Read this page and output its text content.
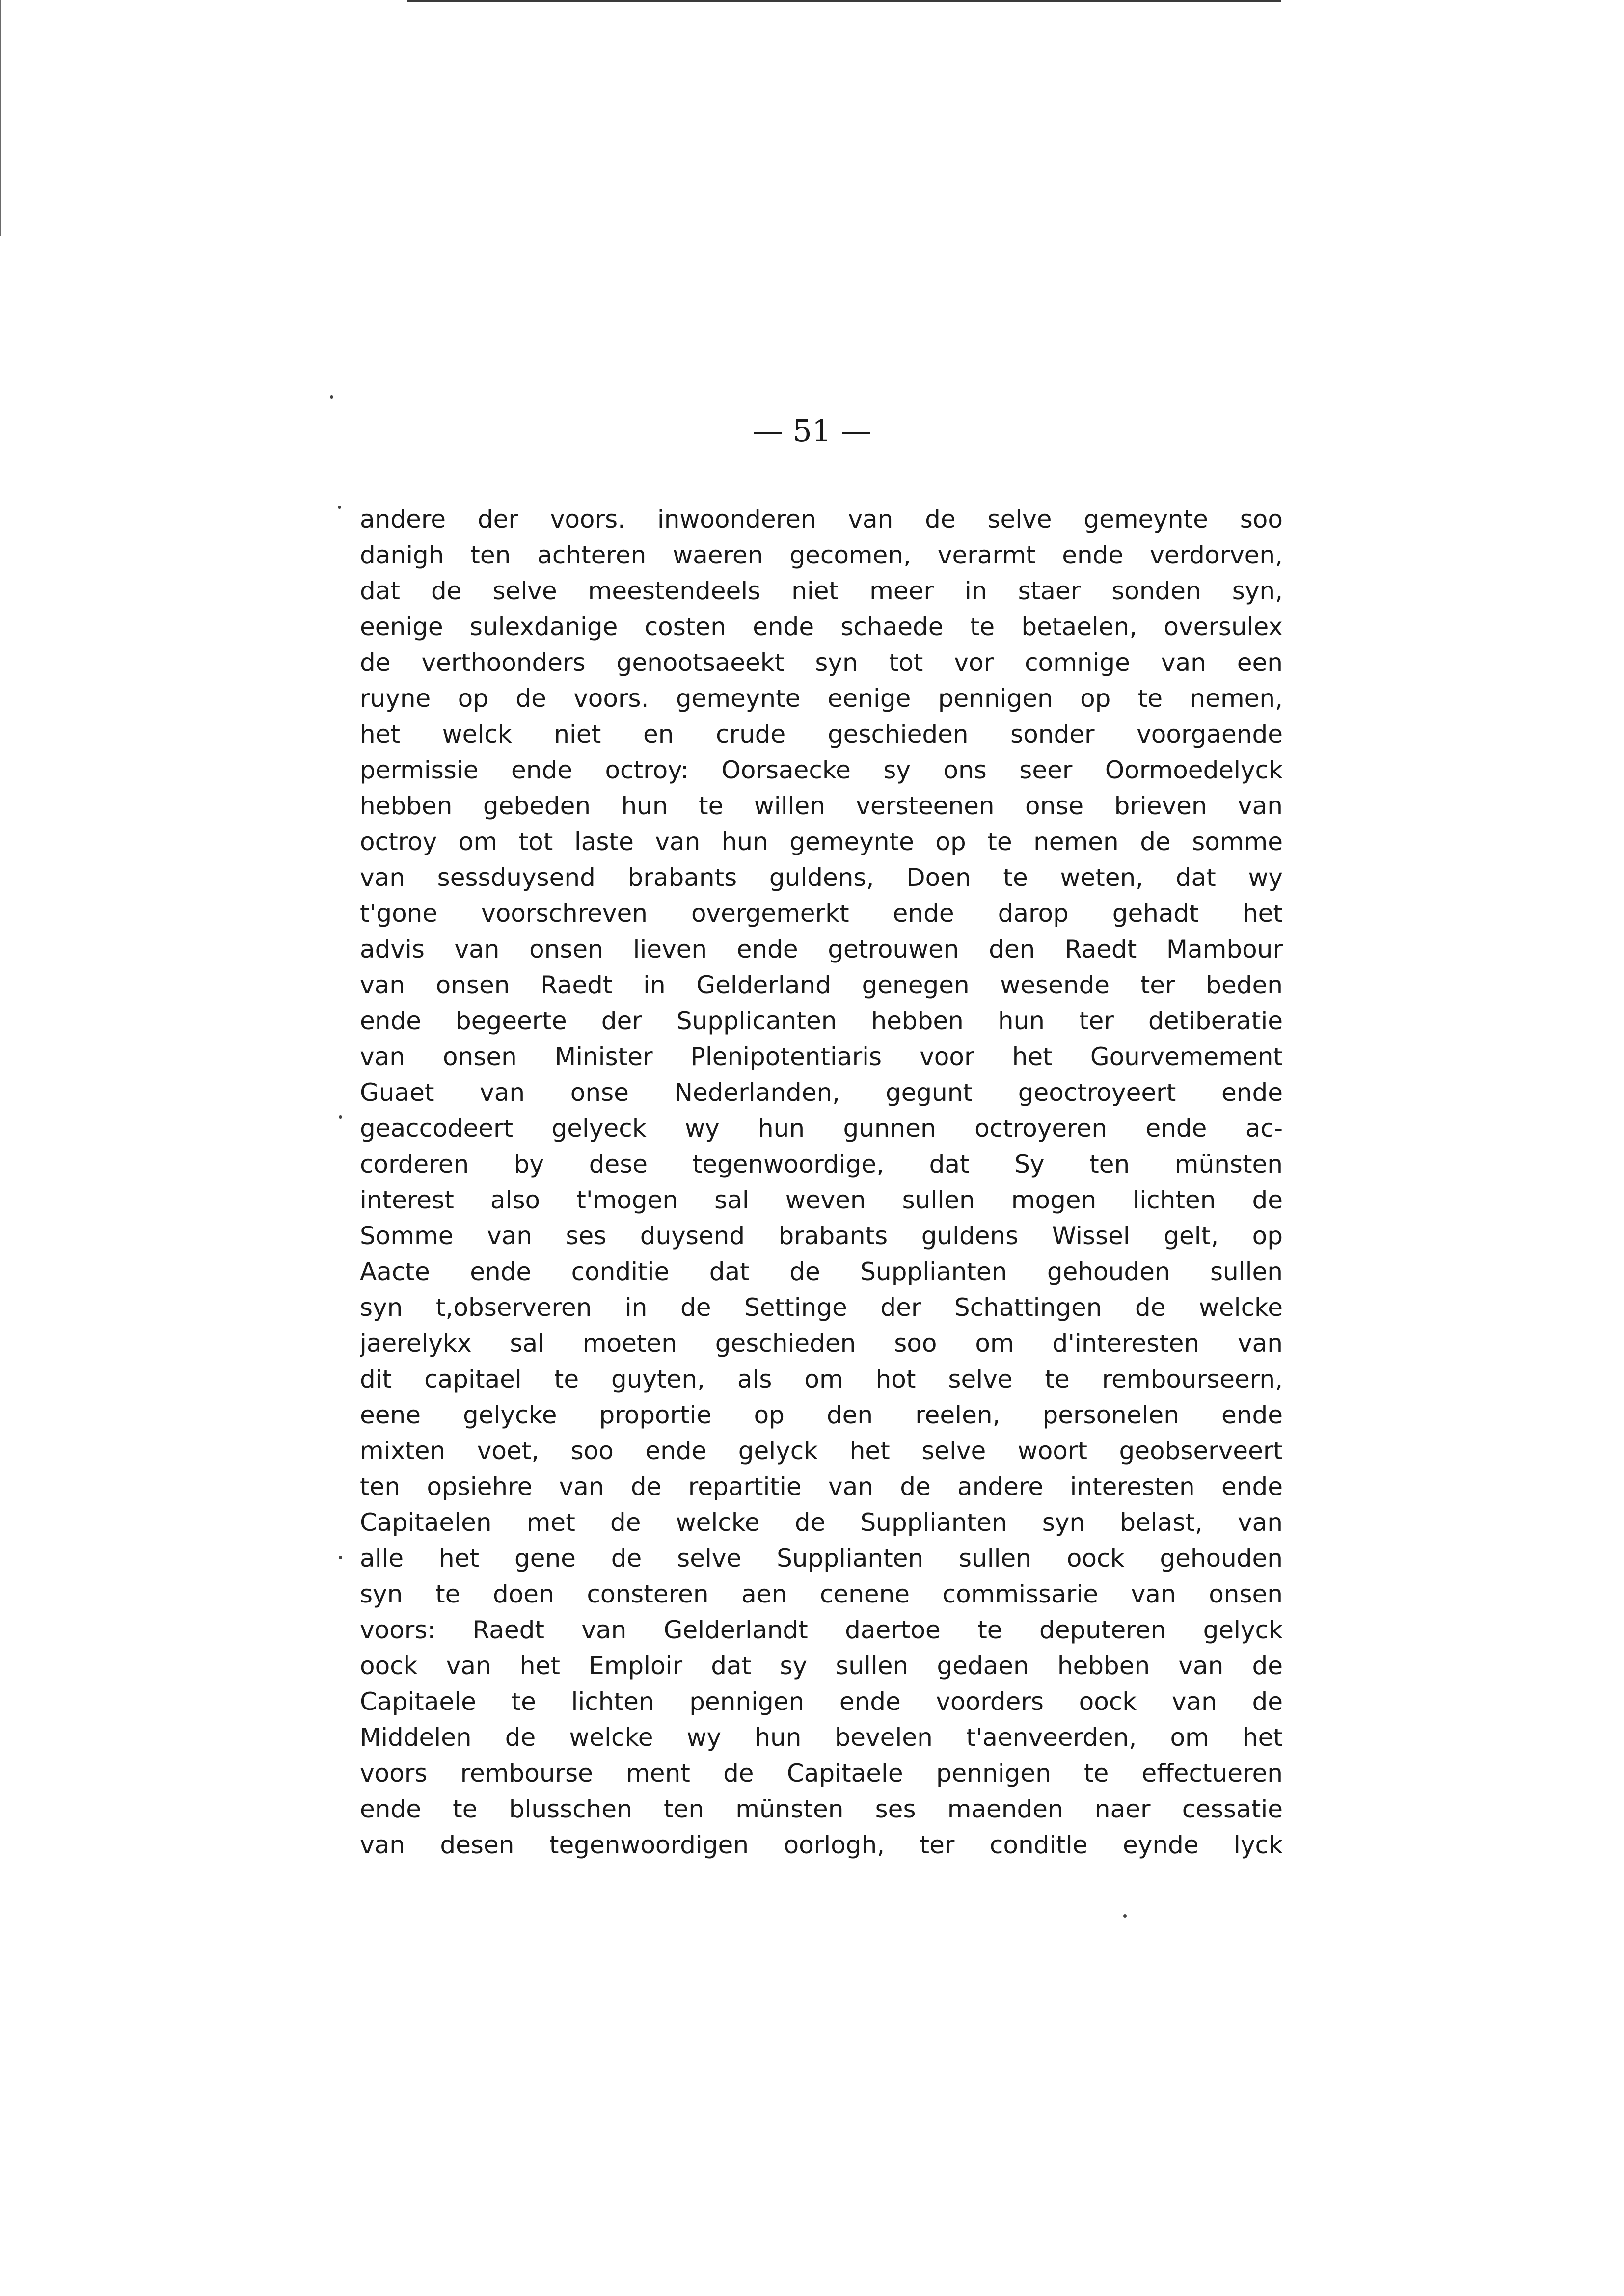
— 51 —
andere der voors. inwoonderen van de selve gemeynte soo
danigh ten achteren waeren gecomen, verarmt ende verdorven,
dat de selve meestendeels niet meer in staer sonden syn,
eenige sulexdanige costen ende schaede te betaelen, oversulex
de verthoonders genootsaeekt syn tot vor comnige van een
ruyne op de voors. gemeynte eenige pennigen op te nemen,
het welck niet en crude geschieden sonder voorgaende
permissie ende octroy: Oorsaecke sy ons seer Oormoedelyck
hebben gebeden hun te willen versteenen onse brieven van
octroy om tot laste van hun gemeynte op te nemen de somme
van sessduysend brabants guldens, Doen te weten, dat wy
t'gone voorschreven overgemerkt ende darop gehadt het
advis van onsen lieven ende getrouwen den Raedt Mambour
van onsen Raedt in Gelderland genegen wesende ter beden
ende begeerte der Supplicanten hebben hun ter detiberatie
van onsen Minister Plenipotentiaris voor het Gourvemement
Guaet van onse Nederlanden, gegunt geoctroyeert ende
geaccodeert gelyeck wy hun gunnen octroyeren ende ac-
corderen by dese tegenwoordige, dat Sy ten münsten
interest also t'mogen sal weven sullen mogen lichten de
Somme van ses duysend brabants guldens Wissel gelt, op
Aacte ende conditie dat de Supplianten gehouden sullen
syn t,observeren in de Settinge der Schattingen de welcke
jaerelykx sal moeten geschieden soo om d'interesten van
dit capitael te guyten, als om hot selve te rembourseern,
eene gelycke proportie op den reelen, personelen ende
mixten voet, soo ende gelyck het selve woort geobserveert
ten opsiehre van de repartitie van de andere interesten ende
Capitaelen met de welcke de Supplianten syn belast, van
alle het gene de selve Supplianten sullen oock gehouden
syn te doen consteren aen cenene commissarie van onsen
voors: Raedt van Gelderlandt daertoe te deputeren gelyck
oock van het Emploir dat sy sullen gedaen hebben van de
Capitaele te lichten pennigen ende voorders oock van de
Middelen de welcke wy hun bevelen t'aenveerden, om het
voors rembourse ment de Capitaele pennigen te effectueren
ende te blusschen ten münsten ses maenden naer cessatie
van desen tegenwoordigen oorlogh, ter conditle eynde lyck
